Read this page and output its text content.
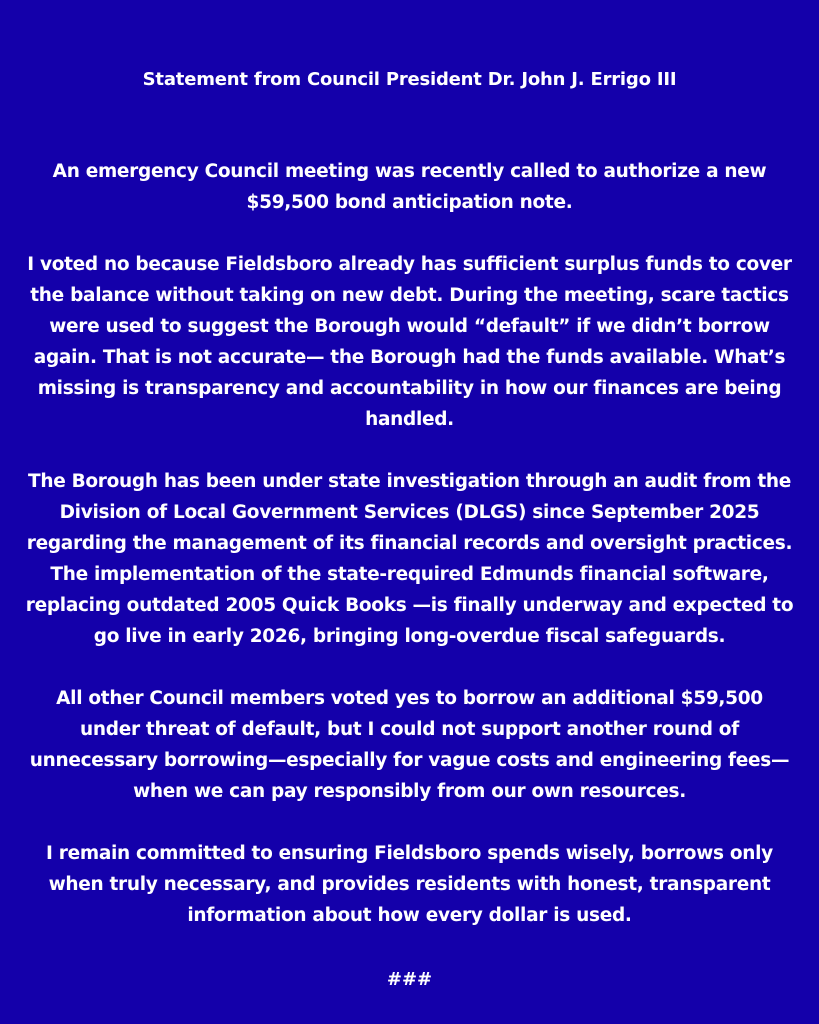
Statement from Council President Dr. John J. Errigo III

An emergency Council meeting was recently called to authorize a new
$59,500 bond anticipation note.

I voted no because Fieldsboro already has sufficient surplus funds to cover
the balance without taking on new debt. During the meeting, scare tactics
were used to suggest the Borough would “default” if we didn’t borrow
again. That is not accurate— the Borough had the funds available. What’s
missing is transparency and accountability in how our finances are being
handled.

The Borough has been under state investigation through an audit from the
Division of Local Government Services (DLGS) since September 2025
regarding the management of its financial records and oversight practices.
The implementation of the state-required Edmunds financial software,
replacing outdated 2005 Quick Books —is finally underway and expected to
go live in early 2026, bringing long-overdue fiscal safeguards.

All other Council members voted yes to borrow an additional $59,500
under threat of default, but I could not support another round of
unnecessary borrowing—especially for vague costs and engineering fees—
when we can pay responsibly from our own resources.

I remain committed to ensuring Fieldsboro spends wisely, borrows only
when truly necessary, and provides residents with honest, transparent
information about how every dollar is used.

###
